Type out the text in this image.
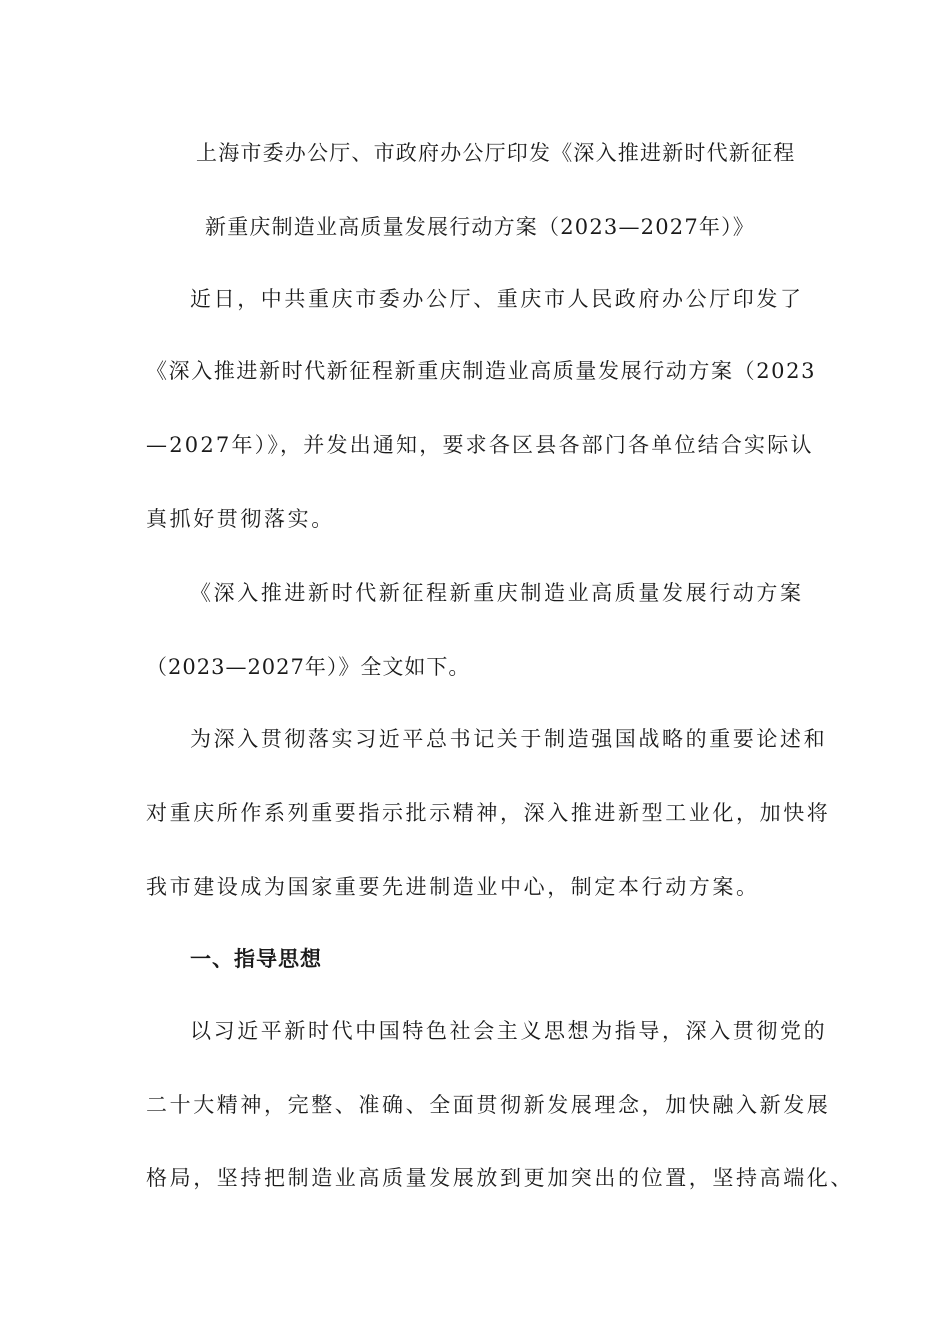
上海市委办公厅、市政府办公厅印发《深入推进新时代新征程
新重庆制造业高质量发展行动方案（2023—2027年）》
近日，中共重庆市委办公厅、重庆市人民政府办公厅印发了
《深入推进新时代新征程新重庆制造业高质量发展行动方案（2023
—2027年）》，并发出通知，要求各区县各部门各单位结合实际认
真抓好贯彻落实。
《深入推进新时代新征程新重庆制造业高质量发展行动方案
（2023—2027年）》全文如下。
为深入贯彻落实习近平总书记关于制造强国战略的重要论述和
对重庆所作系列重要指示批示精神，深入推进新型工业化，加快将
我市建设成为国家重要先进制造业中心，制定本行动方案。
一、指导思想
以习近平新时代中国特色社会主义思想为指导，深入贯彻党的
二十大精神，完整、准确、全面贯彻新发展理念，加快融入新发展
格局，坚持把制造业高质量发展放到更加突出的位置，坚持高端化、
